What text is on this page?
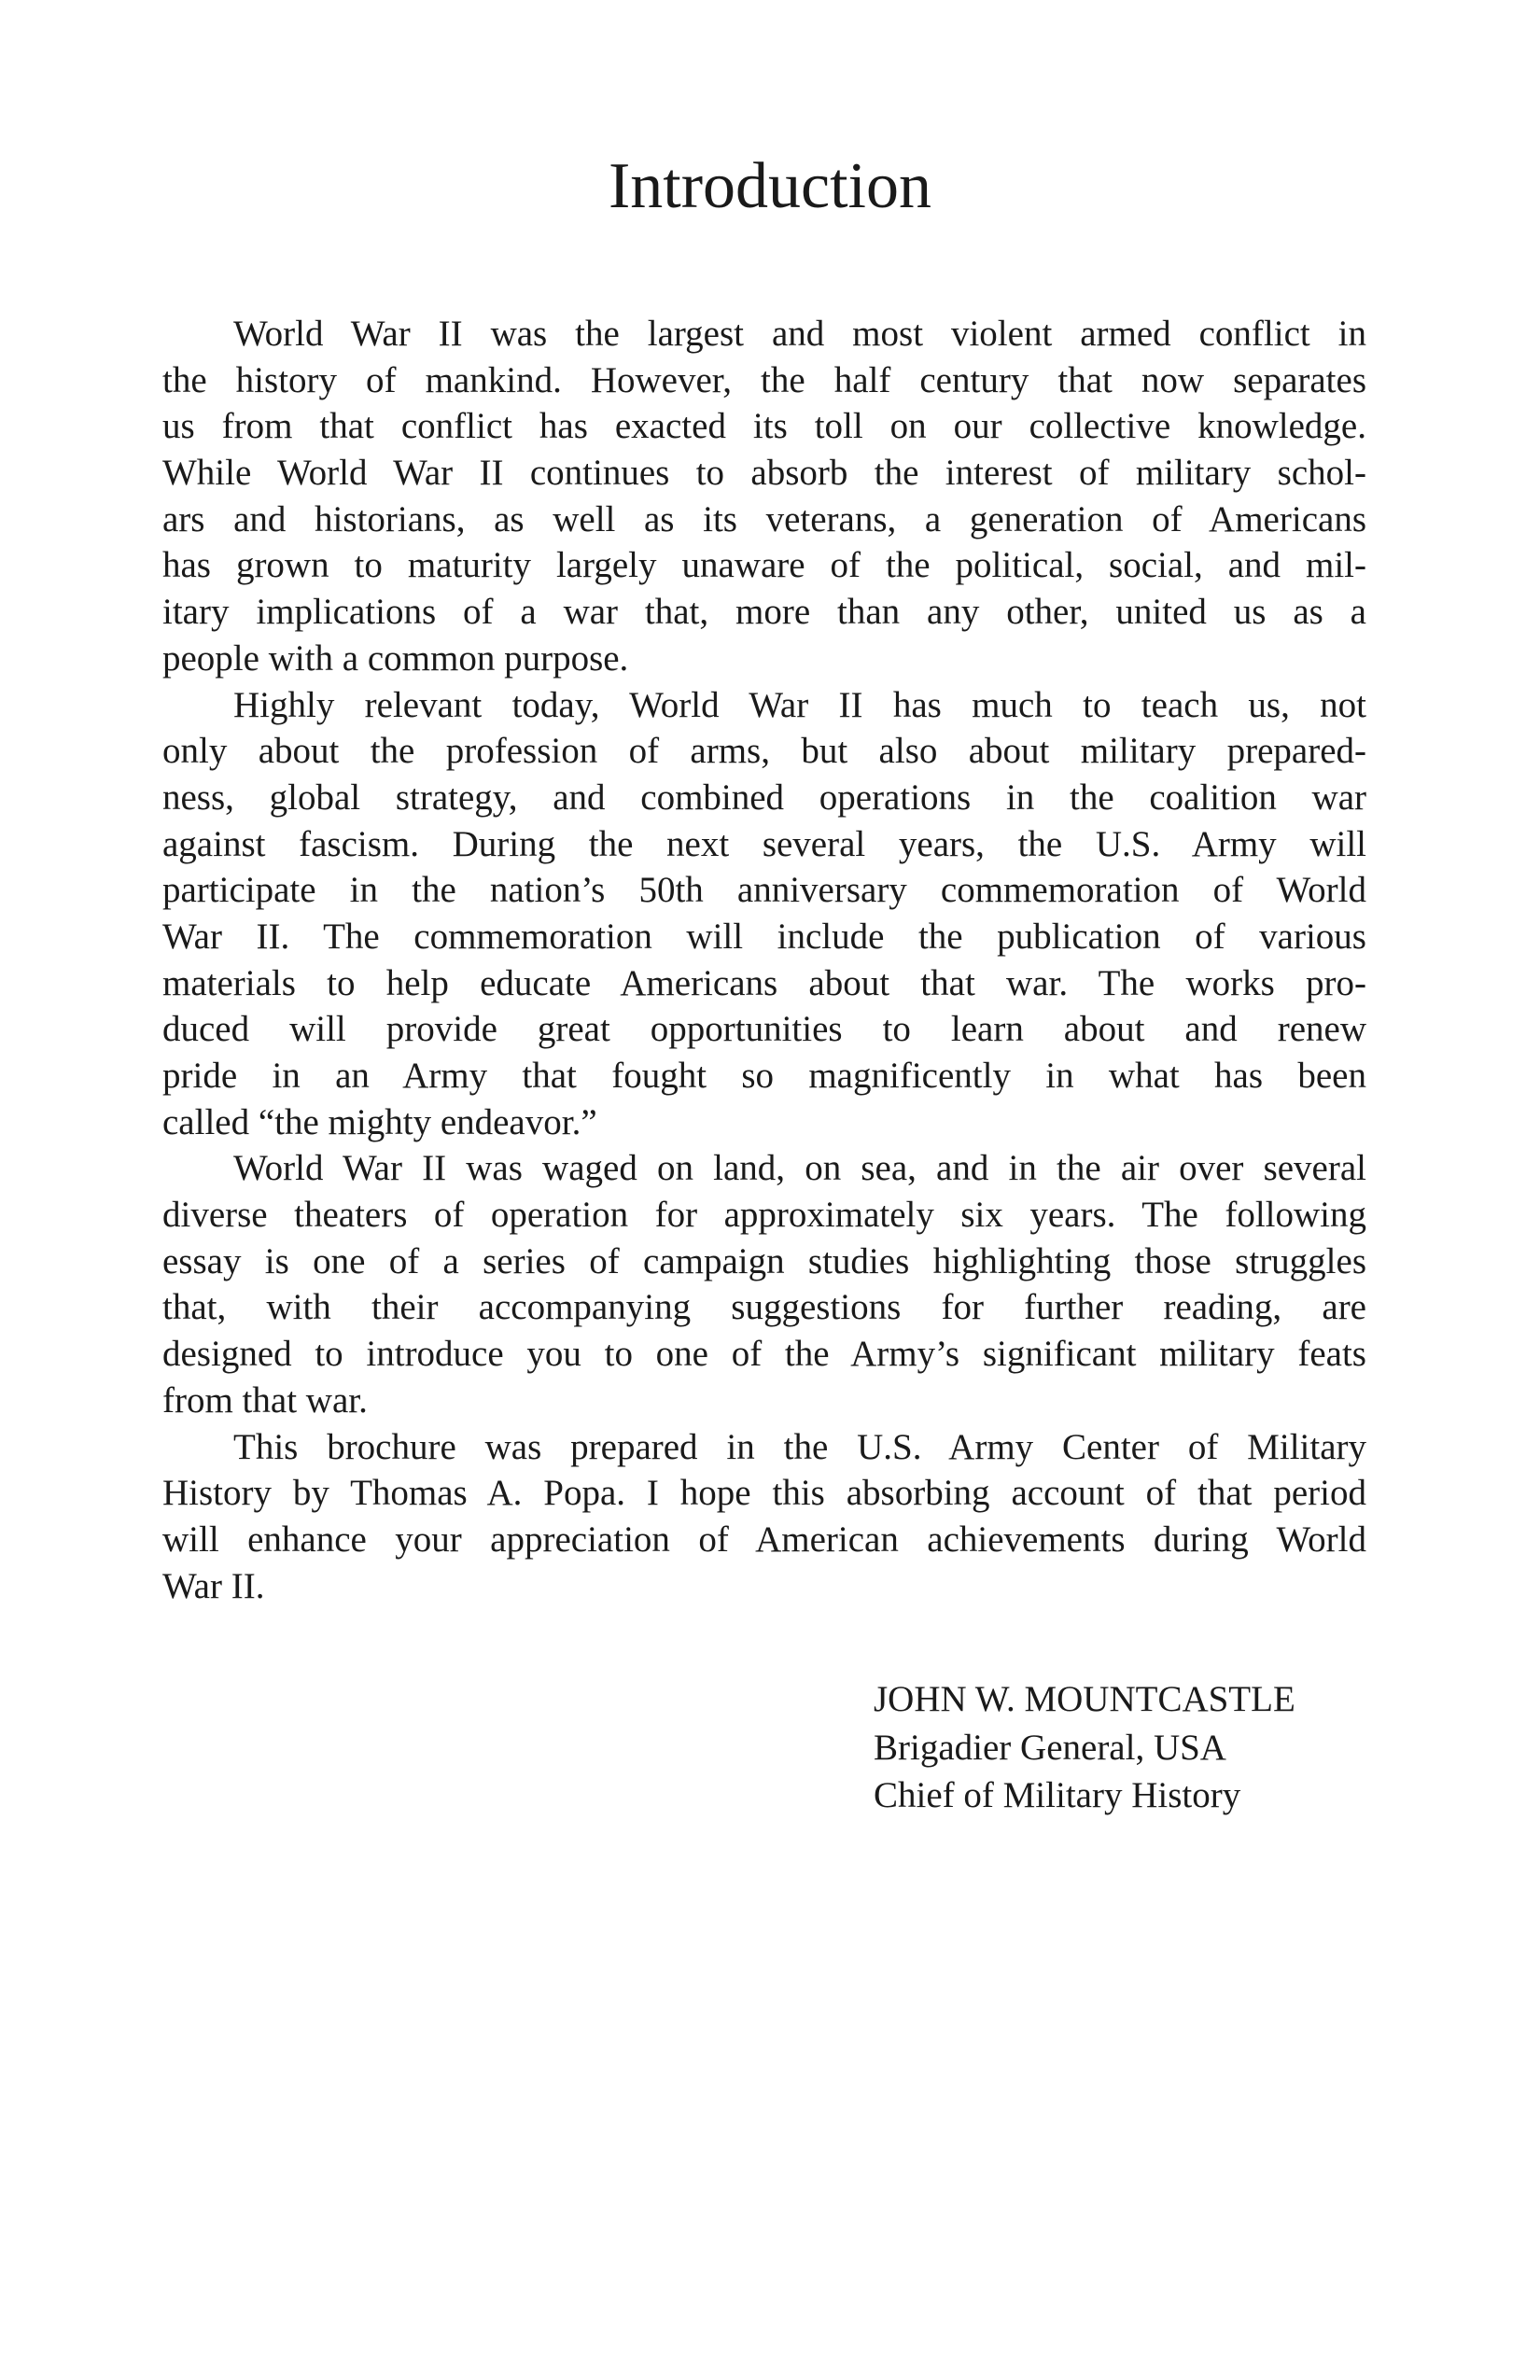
Introduction
World War II was the largest and most violent armed conflict in
the history of mankind. However, the half century that now separates
us from that conflict has exacted its toll on our collective knowledge.
While World War II continues to absorb the interest of military schol-
ars and historians, as well as its veterans, a generation of Americans
has grown to maturity largely unaware of the political, social, and mil-
itary implications of a war that, more than any other, united us as a
people with a common purpose.
Highly relevant today, World War II has much to teach us, not
only about the profession of arms, but also about military prepared-
ness, global strategy, and combined operations in the coalition war
against fascism. During the next several years, the U.S. Army will
participate in the nation’s 50th anniversary commemoration of World
War II. The commemoration will include the publication of various
materials to help educate Americans about that war. The works pro-
duced will provide great opportunities to learn about and renew
pride in an Army that fought so magnificently in what has been
called “the mighty endeavor.”
World War II was waged on land, on sea, and in the air over several
diverse theaters of operation for approximately six years. The following
essay is one of a series of campaign studies highlighting those struggles
that, with their accompanying suggestions for further reading, are
designed to introduce you to one of the Army’s significant military feats
from that war.
This brochure was prepared in the U.S. Army Center of Military
History by Thomas A. Popa. I hope this absorbing account of that period
will enhance your appreciation of American achievements during World
War II.
JOHN W. MOUNTCASTLE
Brigadier General, USA
Chief of Military History
